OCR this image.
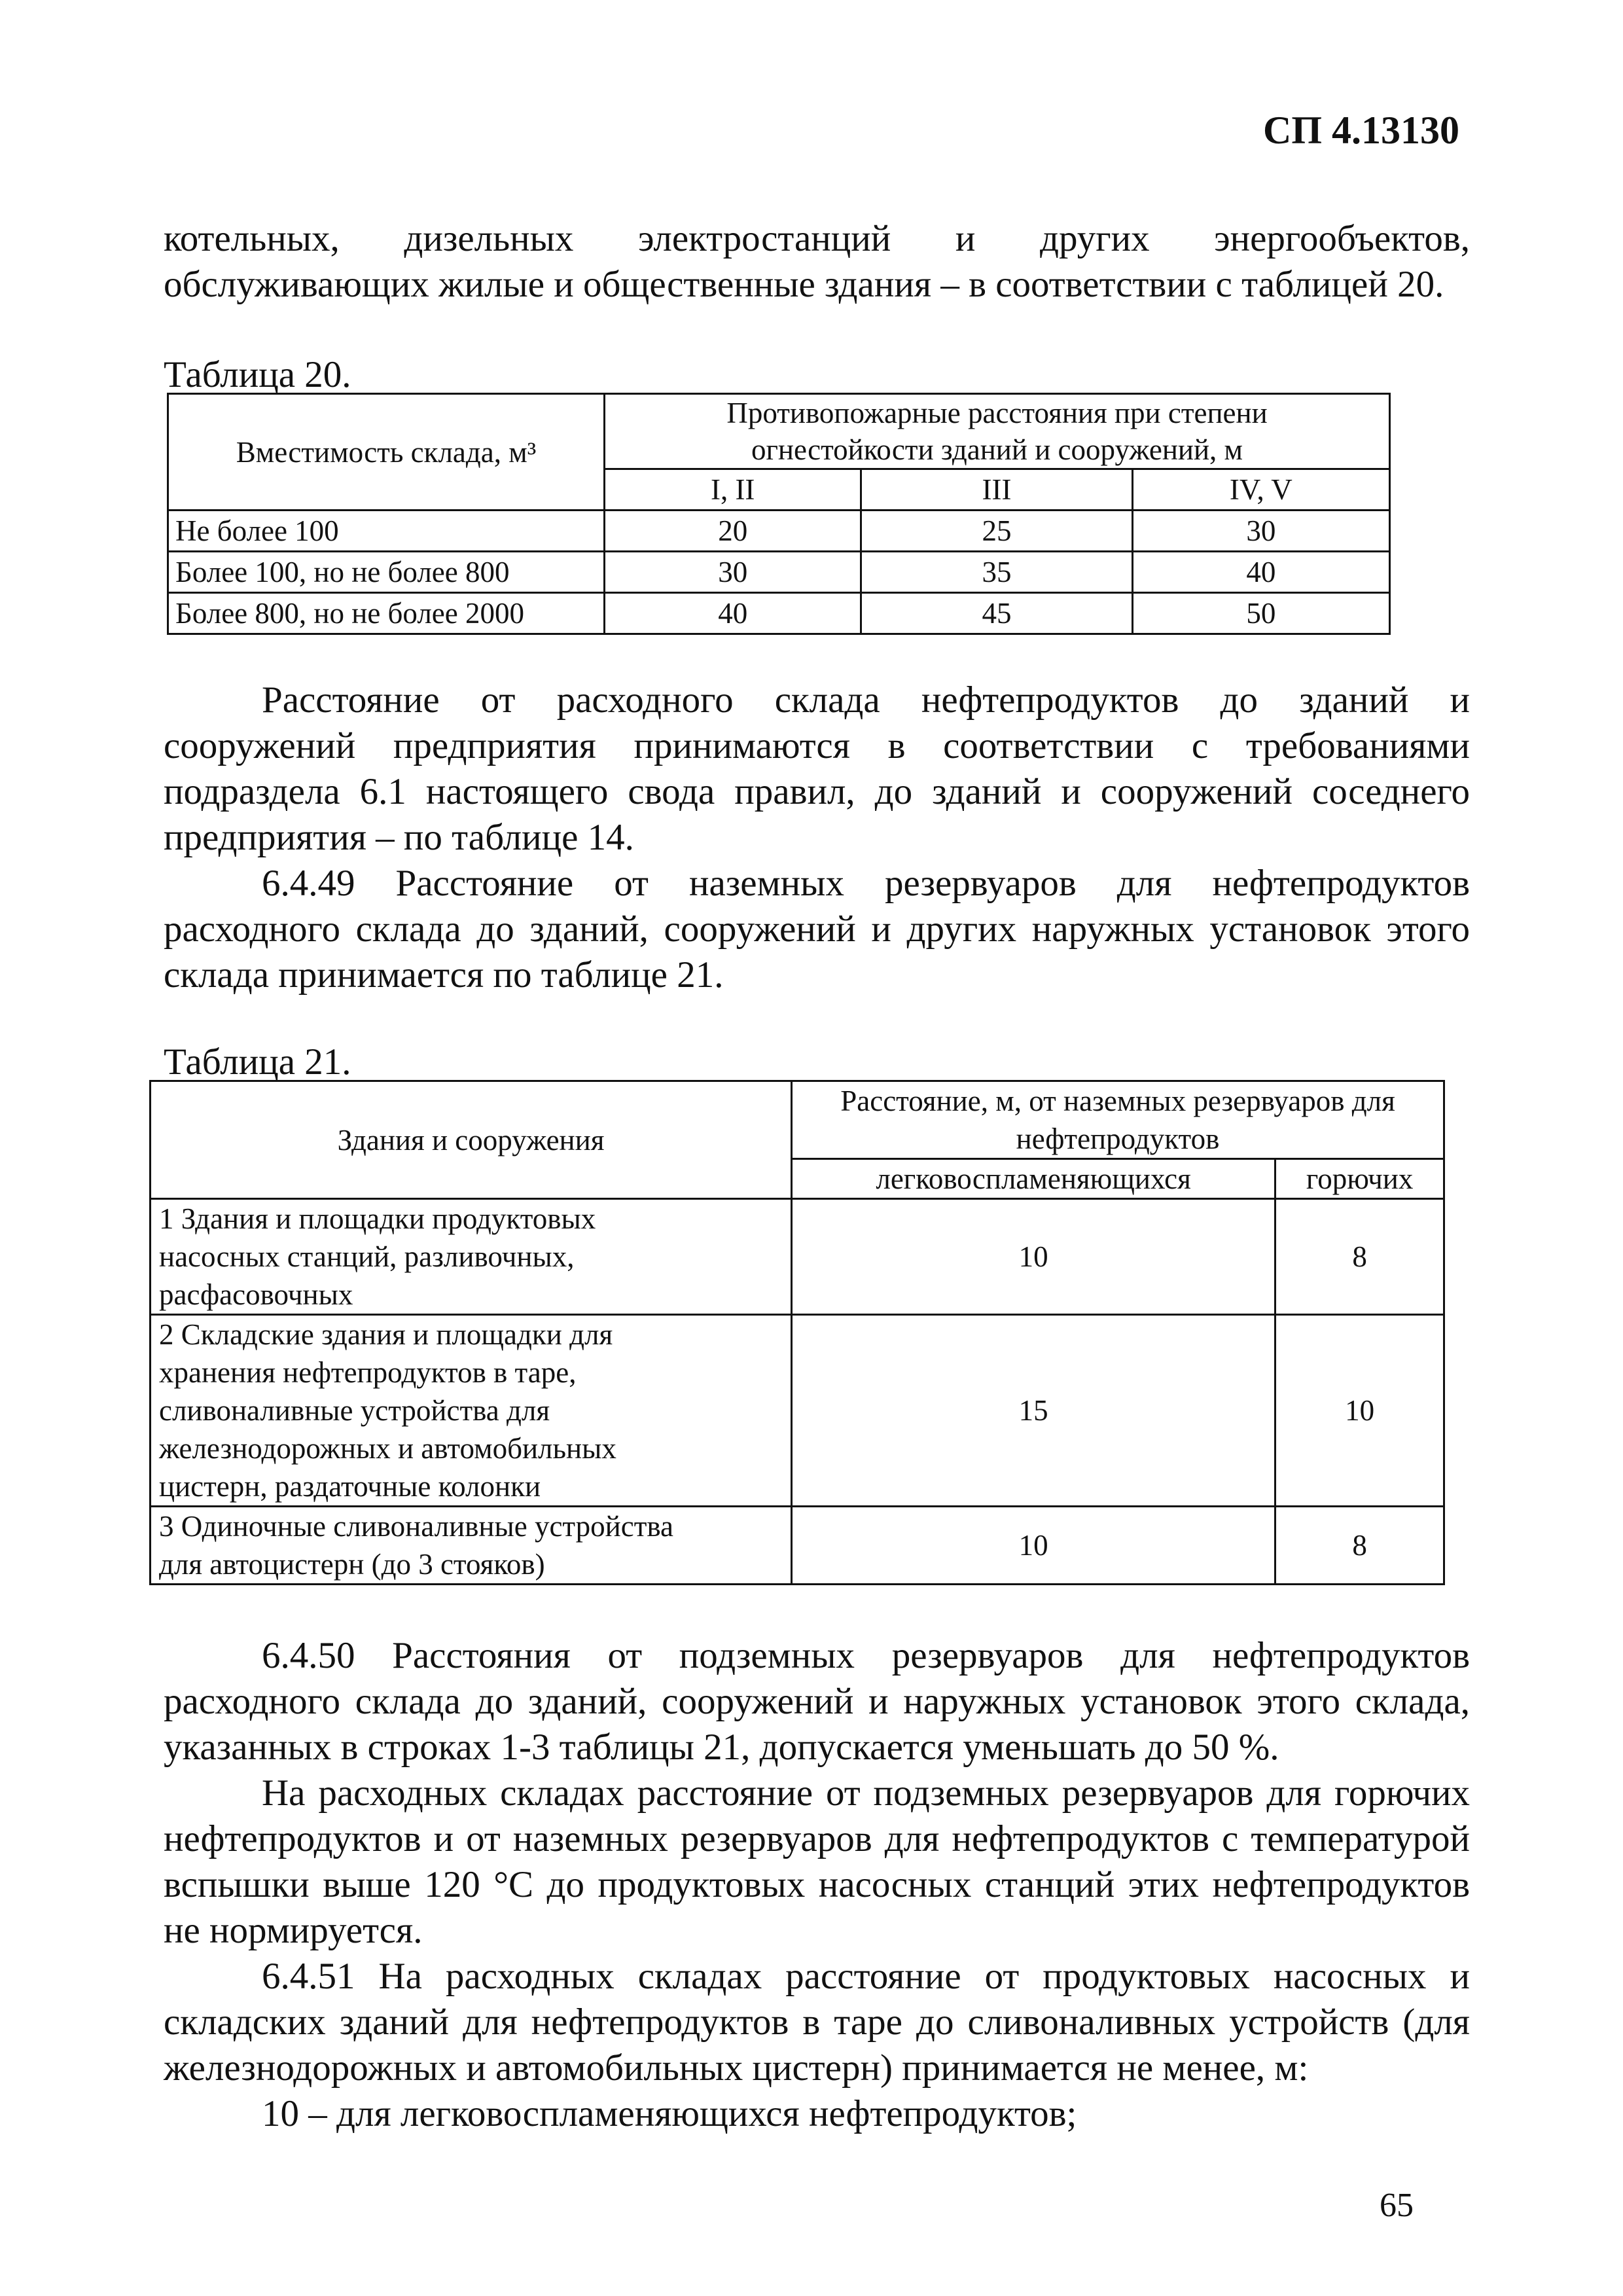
СП 4.13130
котельных, дизельных электростанций и других энергообъектов,
обслуживающих жилые и общественные здания – в соответствии с таблицей 20.
Таблица 20.
Вместимость склада, м³	Противопожарные расстояния при степени
огнестойкости зданий и сооружений, м		

	I, II	III	IV, V
Не более 100	20	25	30
Более 100, но не более 800	30	35	40
Более 800, но не более 2000	40	45	50
Расстояние от расходного склада нефтепродуктов до зданий и
сооружений предприятия принимаются в соответствии с требованиями
подраздела 6.1 настоящего свода правил, до зданий и сооружений соседнего
предприятия – по таблице 14.
6.4.49 Расстояние от наземных резервуаров для нефтепродуктов
расходного склада до зданий, сооружений и других наружных установок этого
склада принимается по таблице 21.
Таблица 21.
Здания и сооружения	Расстояние, м, от наземных резервуаров для
нефтепродуктов	

	легковоспламеняющихся	горючих

1 Здания и площадки продуктовых
насосных станций, разливочных,
расфасовочных	10	8

2 Складские здания и площадки для
хранения нефтепродуктов в таре,
сливоналивные устройства для
железнодорожных и автомобильных
цистерн, раздаточные колонки	15	10

3 Одиночные сливоналивные устройства
для автоцистерн (до 3 стояков)	10	8
6.4.50 Расстояния от подземных резервуаров для нефтепродуктов
расходного склада до зданий, сооружений и наружных установок этого склада,
указанных в строках 1-3 таблицы 21, допускается уменьшать до 50 %.
На расходных складах расстояние от подземных резервуаров для горючих
нефтепродуктов и от наземных резервуаров для нефтепродуктов с температурой
вспышки выше 120 °С до продуктовых насосных станций этих нефтепродуктов
не нормируется.
6.4.51 На расходных складах расстояние от продуктовых насосных и
складских зданий для нефтепродуктов в таре до сливоналивных устройств (для
железнодорожных и автомобильных цистерн) принимается не менее, м:
10 – для легковоспламеняющихся нефтепродуктов;
65
